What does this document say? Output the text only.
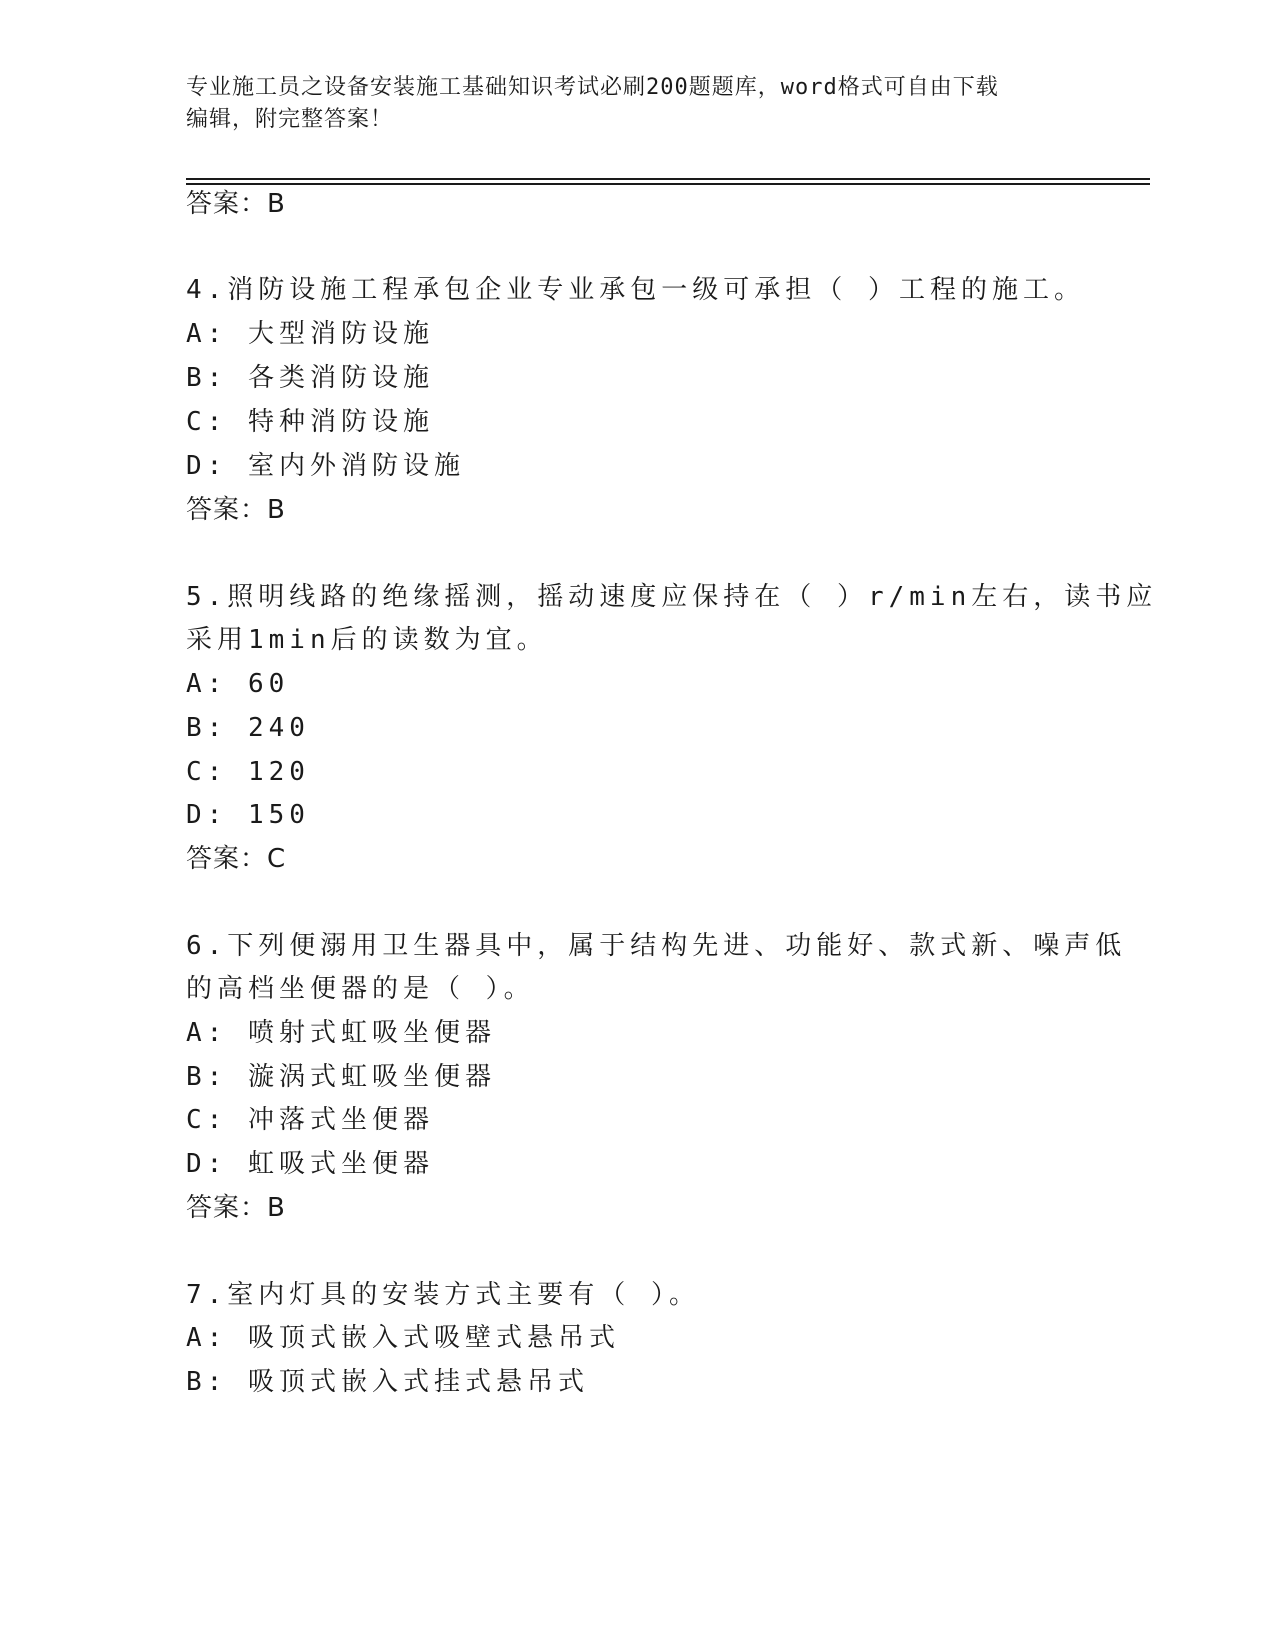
专业施工员之设备安装施工基础知识考试必刷200题题库，word格式可自由下载
编辑，附完整答案！
答案：B
4.消防设施工程承包企业专业承包一级可承担（ ）工程的施工。
A: 大型消防设施
B: 各类消防设施
C: 特种消防设施
D: 室内外消防设施
答案：B
5.照明线路的绝缘摇测，摇动速度应保持在（ ）r/min左右，读书应
采用1min后的读数为宜。
A: 60
B: 240
C: 120
D: 150
答案：C
6.下列便溺用卫生器具中，属于结构先进、功能好、款式新、噪声低
的高档坐便器的是（ ）。
A: 喷射式虹吸坐便器
B: 漩涡式虹吸坐便器
C: 冲落式坐便器
D: 虹吸式坐便器
答案：B
7.室内灯具的安装方式主要有（ ）。
A: 吸顶式嵌入式吸壁式悬吊式
B: 吸顶式嵌入式挂式悬吊式
